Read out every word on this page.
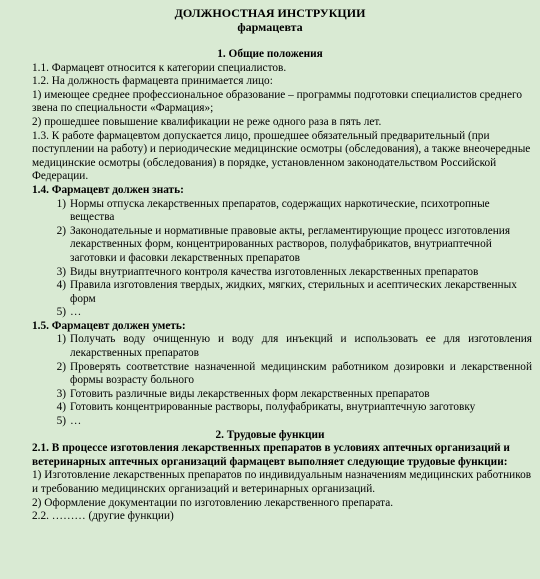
ДОЛЖНОСТНАЯ ИНСТРУКЦИИ
фармацевта
1. Общие положения

1.1. Фармацевт относится к категории специалистов.

1.2. На должность фармацевта принимается лицо:

1) имеющее среднее профессиональное образование – программы подготовки специалистов среднего звена по специальности «Фармация»;

2) прошедшее повышение квалификации не реже одного раза в пять лет.

1.3. К работе фармацевтом допускается лицо, прошедшее обязательный предварительный (при поступлении на работу) и периодические медицинские осмотры (обследования), а также внеочередные медицинские осмотры (обследования) в порядке, установленном законодательством Российской Федерации.

1.4. Фармацевт должен знать:

1) Нормы отпуска лекарственных препаратов, содержащих наркотические, психотропные вещества
2) Законодательные и нормативные правовые акты, регламентирующие процесс изготовления лекарственных форм, концентрированных растворов, полуфабрикатов, внутриаптечной заготовки и фасовки лекарственных препаратов
3) Виды внутриаптечного контроля качества изготовленных лекарственных препаратов
4) Правила изготовления твердых, жидких, мягких, стерильных и асептических лекарственных форм
5) …

1.5. Фармацевт должен уметь:

1) Получать воду очищенную и воду для инъекций и использовать ее для изготовления лекарственных препаратов
2) Проверять соответствие назначенной медицинским работником дозировки и лекарственной формы возрасту больного
3) Готовить различные виды лекарственных форм лекарственных препаратов
4) Готовить концентрированные растворы, полуфабрикаты, внутриаптечную заготовку
5) …
2. Трудовые функции

2.1. В процессе изготовления лекарственных препаратов в условиях аптечных организаций и ветеринарных аптечных организаций фармацевт выполняет следующие трудовые функции:

1) Изготовление лекарственных препаратов по индивидуальным назначениям медицинских работников и требованию медицинских организаций и ветеринарных организаций.

2) Оформление документации по изготовлению лекарственного препарата.

2.2. ……… (другие функции)
